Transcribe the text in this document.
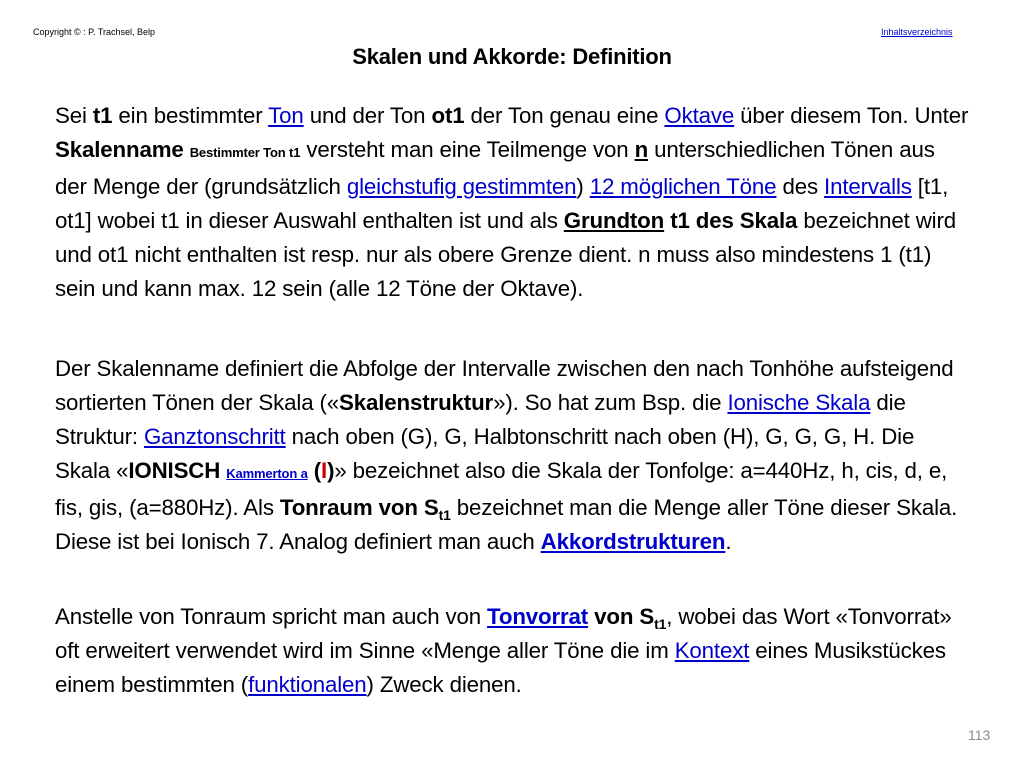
Copyright © : P. Trachsel, Belp	Inhaltsverzeichnis
Skalen und Akkorde: Definition
Sei t1 ein bestimmter Ton und der Ton ot1 der Ton genau eine Oktave über diesem Ton. Unter Skalenname Bestimmter Ton t1 versteht man eine Teilmenge von n unterschiedlichen Tönen aus der Menge der (grundsätzlich gleichstufig gestimmten) 12 möglichen Töne des Intervalls [t1, ot1] wobei t1 in dieser Auswahl enthalten ist und als Grundton t1 des Skala bezeichnet wird und ot1 nicht enthalten ist resp. nur als obere Grenze dient. n muss also mindestens 1 (t1) sein und kann max. 12 sein (alle 12 Töne der Oktave).
Der Skalenname definiert die Abfolge der Intervalle zwischen den nach Tonhöhe aufsteigend sortierten Tönen der Skala («Skalenstruktur»). So hat zum Bsp. die Ionische Skala die Struktur: Ganztonschritt nach oben (G), G, Halbtonschritt nach oben (H), G, G, G, H. Die Skala «IONISCH Kammerton a (I)» bezeichnet also die Skala der Tonfolge: a=440Hz, h, cis, d, e, fis, gis, (a=880Hz). Als Tonraum von $S_{t1}$ bezeichnet man die Menge aller Töne dieser Skala. Diese ist bei Ionisch 7. Analog definiert man auch Akkordstrukturen.
Anstelle von Tonraum spricht man auch von Tonvorrat von $S_{t1}$, wobei das Wort «Tonvorrat» oft erweitert verwendet wird im Sinne «Menge aller Töne die im Kontext eines Musikstückes einem bestimmten (funktionalen) Zweck dienen.
113
